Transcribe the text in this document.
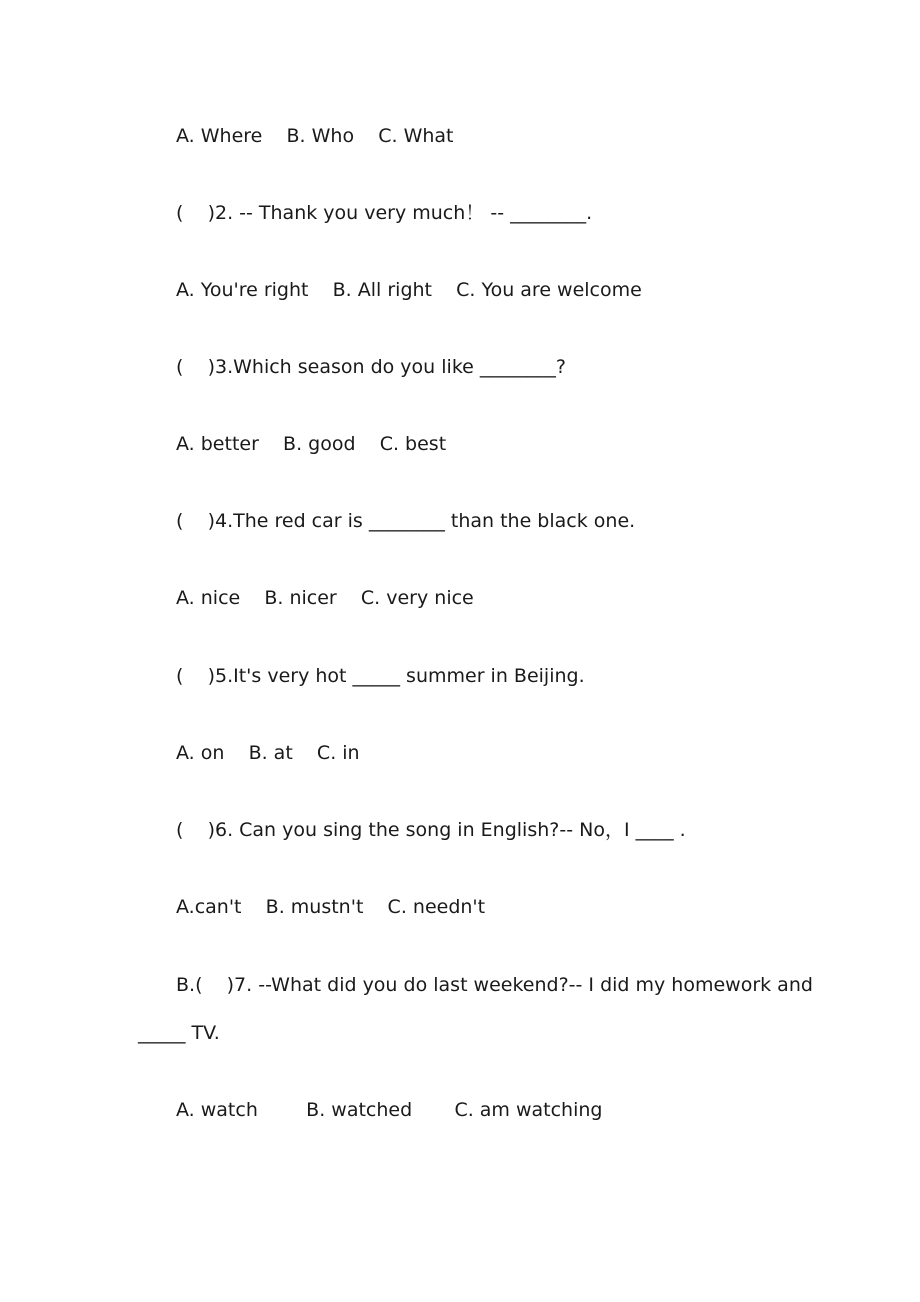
A. Where    B. Who    C. What
(    )2. -- Thank you very much！ -- ________.
A. You're right    B. All right    C. You are welcome
(    )3.Which season do you like ________?
A. better    B. good    C. best
(    )4.The red car is ________ than the black one.
A. nice    B. nicer    C. very nice
(    )5.It's very hot _____ summer in Beijing.
A. on    B. at    C. in
(    )6. Can you sing the song in English?-- No，I ____ .
A.can't    B. mustn't    C. needn't
B.(    )7. --What did you do last weekend?-- I did my homework and
_____ TV.
A. watch        B. watched       C. am watching
